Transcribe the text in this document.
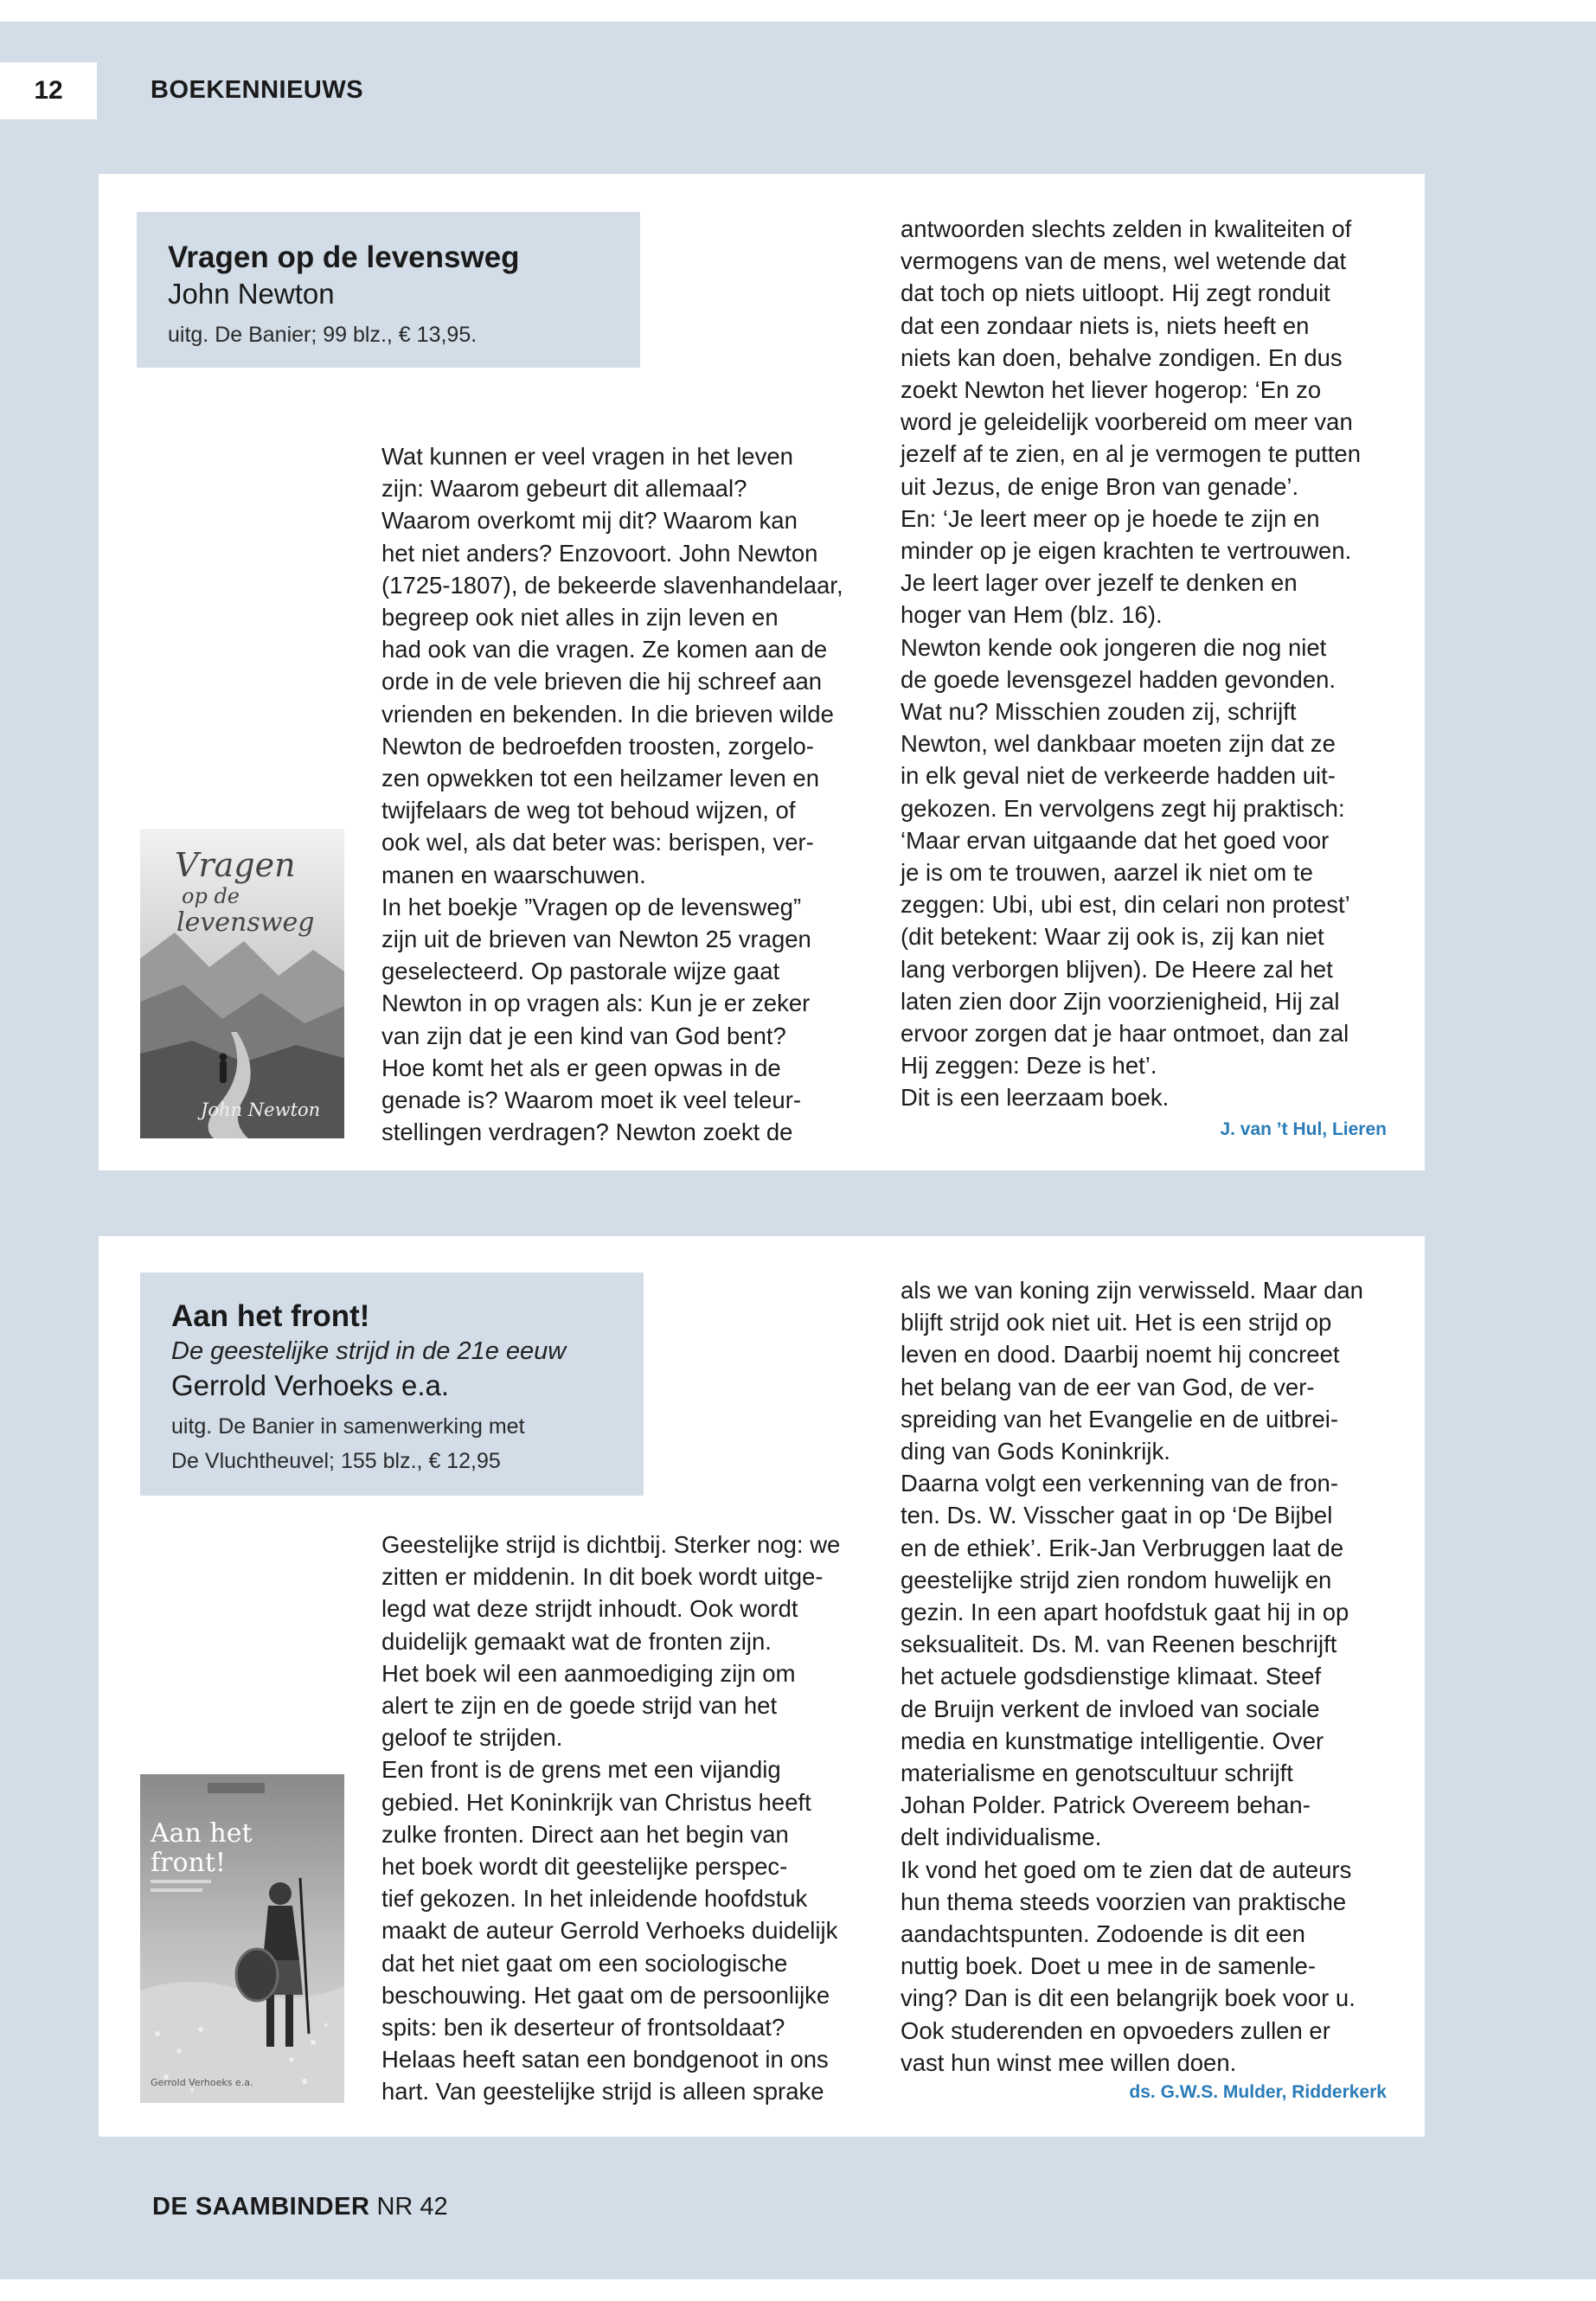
12	BOEKENNIEUWS
Vragen op de levensweg
John Newton
uitg. De Banier; 99 blz., € 13,95.
Vragen
op de
levensweg
John Newton

Wat kunnen er veel vragen in het leven

zijn: Waarom gebeurt dit allemaal?

Waarom overkomt mij dit? Waarom kan

het niet anders? Enzovoort. John Newton

(1725-1807), de bekeerde slavenhandelaar,

begreep ook niet alles in zijn leven en

had ook van die vragen. Ze komen aan de

orde in de vele brieven die hij schreef aan

vrienden en bekenden. In die brieven wilde

Newton de bedroefden troosten, zorgelo-

zen opwekken tot een heilzamer leven en

twijfelaars de weg tot behoud wijzen, of

ook wel, als dat beter was: berispen, ver-

manen en waarschuwen.

In het boekje ”Vragen op de levensweg”

zijn uit de brieven van Newton 25 vragen

geselecteerd. Op pastorale wijze gaat

Newton in op vragen als: Kun je er zeker

van zijn dat je een kind van God bent?

Hoe komt het als er geen opwas in de

genade is? Waarom moet ik veel teleur-

stellingen verdragen? Newton zoekt de

antwoorden slechts zelden in kwaliteiten of

vermogens van de mens, wel wetende dat

dat toch op niets uitloopt. Hij zegt ronduit

dat een zondaar niets is, niets heeft en

niets kan doen, behalve zondigen. En dus

zoekt Newton het liever hogerop: ‘En zo

word je geleidelijk voorbereid om meer van

jezelf af te zien, en al je vermogen te putten

uit Jezus, de enige Bron van genade’.

En: ‘Je leert meer op je hoede te zijn en

minder op je eigen krachten te vertrouwen.

Je leert lager over jezelf te denken en

hoger van Hem (blz. 16).

Newton kende ook jongeren die nog niet

de goede levensgezel hadden gevonden.

Wat nu? Misschien zouden zij, schrijft

Newton, wel dankbaar moeten zijn dat ze

in elk geval niet de verkeerde hadden uit-

gekozen. En vervolgens zegt hij praktisch:

‘Maar ervan uitgaande dat het goed voor

je is om te trouwen, aarzel ik niet om te

zeggen: Ubi, ubi est, din celari non protest’

(dit betekent: Waar zij ook is, zij kan niet

lang verborgen blijven). De Heere zal het

laten zien door Zijn voorzienigheid, Hij zal

ervoor zorgen dat je haar ontmoet, dan zal

Hij zeggen: Deze is het’.

Dit is een leerzaam boek.

J. van ’t Hul, Lieren
Aan het front!
De geestelijke strijd in de 21e eeuw
Gerrold Verhoeks e.a.
uitg. De Banier in samenwerking met
De Vluchtheuvel; 155 blz., € 12,95
Aan het
front!
Gerrold Verhoeks e.a.

Geestelijke strijd is dichtbij. Sterker nog: we

zitten er middenin. In dit boek wordt uitge-

legd wat deze strijdt inhoudt. Ook wordt

duidelijk gemaakt wat de fronten zijn.

Het boek wil een aanmoediging zijn om

alert te zijn en de goede strijd van het

geloof te strijden.

Een front is de grens met een vijandig

gebied. Het Koninkrijk van Christus heeft

zulke fronten. Direct aan het begin van

het boek wordt dit geestelijke perspec-

tief gekozen. In het inleidende hoofdstuk

maakt de auteur Gerrold Verhoeks duidelijk

dat het niet gaat om een sociologische

beschouwing. Het gaat om de persoonlijke

spits: ben ik deserteur of frontsoldaat?

Helaas heeft satan een bondgenoot in ons

hart. Van geestelijke strijd is alleen sprake

als we van koning zijn verwisseld. Maar dan

blijft strijd ook niet uit. Het is een strijd op

leven en dood. Daarbij noemt hij concreet

het belang van de eer van God, de ver-

spreiding van het Evangelie en de uitbrei-

ding van Gods Koninkrijk.

Daarna volgt een verkenning van de fron-

ten. Ds. W. Visscher gaat in op ‘De Bijbel

en de ethiek’. Erik-Jan Verbruggen laat de

geestelijke strijd zien rondom huwelijk en

gezin. In een apart hoofdstuk gaat hij in op

seksualiteit. Ds. M. van Reenen beschrijft

het actuele godsdienstige klimaat. Steef

de Bruijn verkent de invloed van sociale

media en kunstmatige intelligentie. Over

materialisme en genotscultuur schrijft

Johan Polder. Patrick Overeem behan-

delt individualisme.

Ik vond het goed om te zien dat de auteurs

hun thema steeds voorzien van praktische

aandachtspunten. Zodoende is dit een

nuttig boek. Doet u mee in de samenle-

ving? Dan is dit een belangrijk boek voor u.

Ook studerenden en opvoeders zullen er

vast hun winst mee willen doen.

ds. G.W.S. Mulder, Ridderkerk
DE SAAMBINDER NR 42
